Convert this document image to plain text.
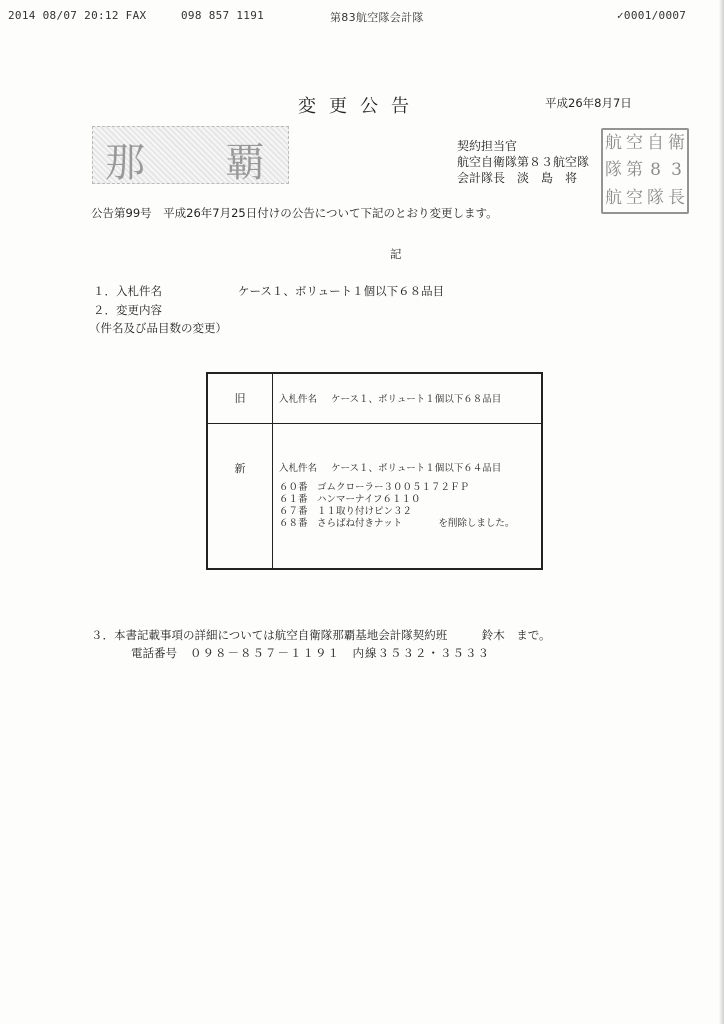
2014 08/07 20:12 FAX	098 857 1191	第83航空隊会計隊	✓0001/0007
変更公告	平成26年8月7日
那 覇	契約担当官
航空自衛隊第８３航空隊
会計隊長　淡　島　将
航 空 自 衛
隊 第 8 3
航 空 隊 長
公告第99号　平成26年7月25日付けの公告について下記のとおり変更します。
記
１．入札件名	ケース１、ボリュート１個以下６８品目
２．変更内容
（件名及び品目数の変更）
旧	入札件名 ケース１、ボリュート１個以下６８品目
新	入札件名 ケース１、ボリュート１個以下６４品目
６０番　ゴムクローラー３００５１７２ＦＰ
６１番　ハンマーナイフ６１１０
６７番　１１取り付けピン３２
６８番　さらばね付きナット を削除しました。
３．本書記載事項の詳細については航空自衛隊那覇基地会計隊契約班　　　鈴木　まで。
電話番号 ０９８－８５７－１１９１　内線３５３２・３５３３
